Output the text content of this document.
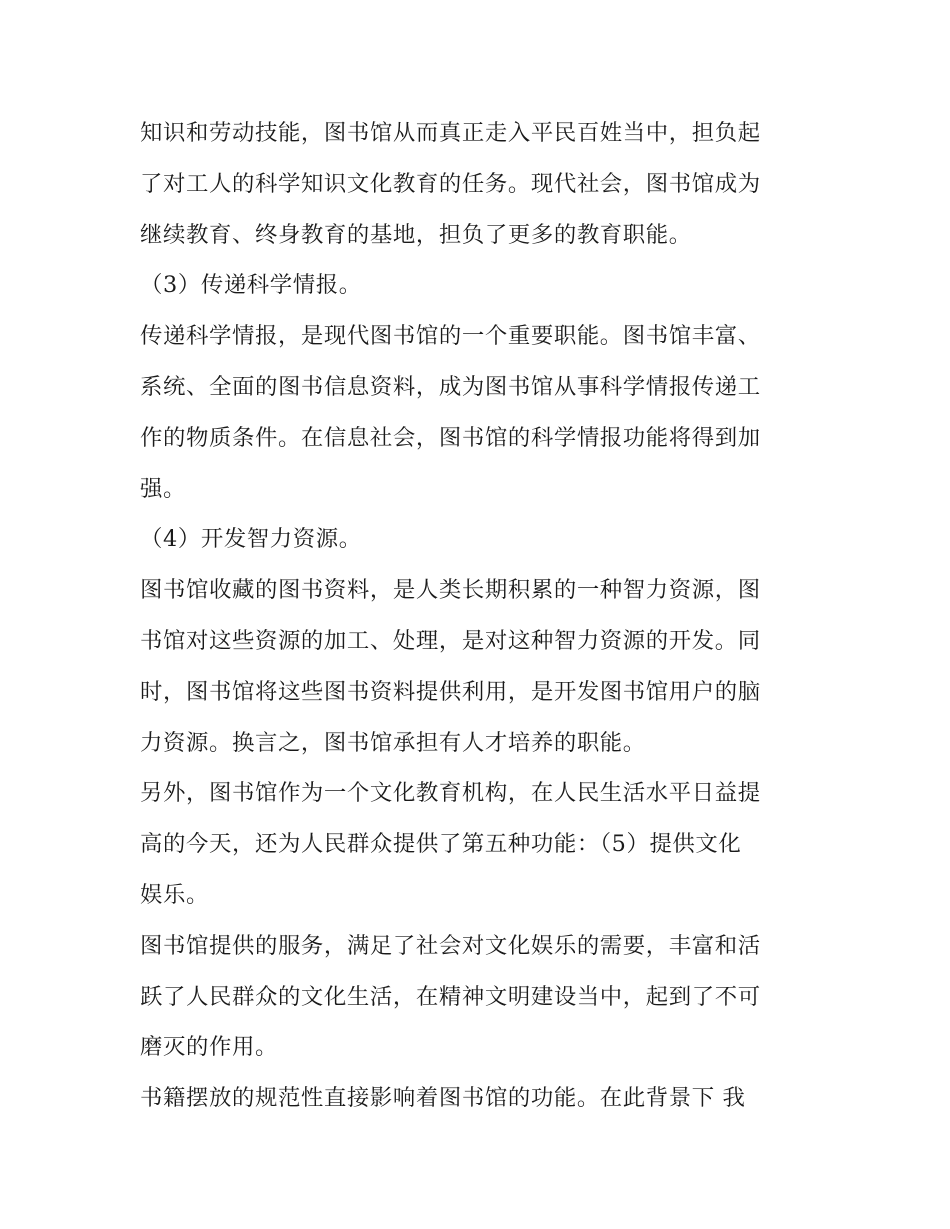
知识和劳动技能，图书馆从而真正走入平民百姓当中，担负起
了对工人的科学知识文化教育的任务。现代社会，图书馆成为
继续教育、终身教育的基地，担负了更多的教育职能。
（3）传递科学情报。
传递科学情报，是现代图书馆的一个重要职能。图书馆丰富、
系统、全面的图书信息资料，成为图书馆从事科学情报传递工
作的物质条件。在信息社会，图书馆的科学情报功能将得到加
强。
（4）开发智力资源。
图书馆收藏的图书资料，是人类长期积累的一种智力资源，图
书馆对这些资源的加工、处理，是对这种智力资源的开发。同
时，图书馆将这些图书资料提供利用，是开发图书馆用户的脑
力资源。换言之，图书馆承担有人才培养的职能。
另外，图书馆作为一个文化教育机构，在人民生活水平日益提
高的今天，还为人民群众提供了第五种功能：（5）提供文化
娱乐。
图书馆提供的服务，满足了社会对文化娱乐的需要，丰富和活
跃了人民群众的文化生活，在精神文明建设当中，起到了不可
磨灭的作用。
书籍摆放的规范性直接影响着图书馆的功能。在此背景下 我
